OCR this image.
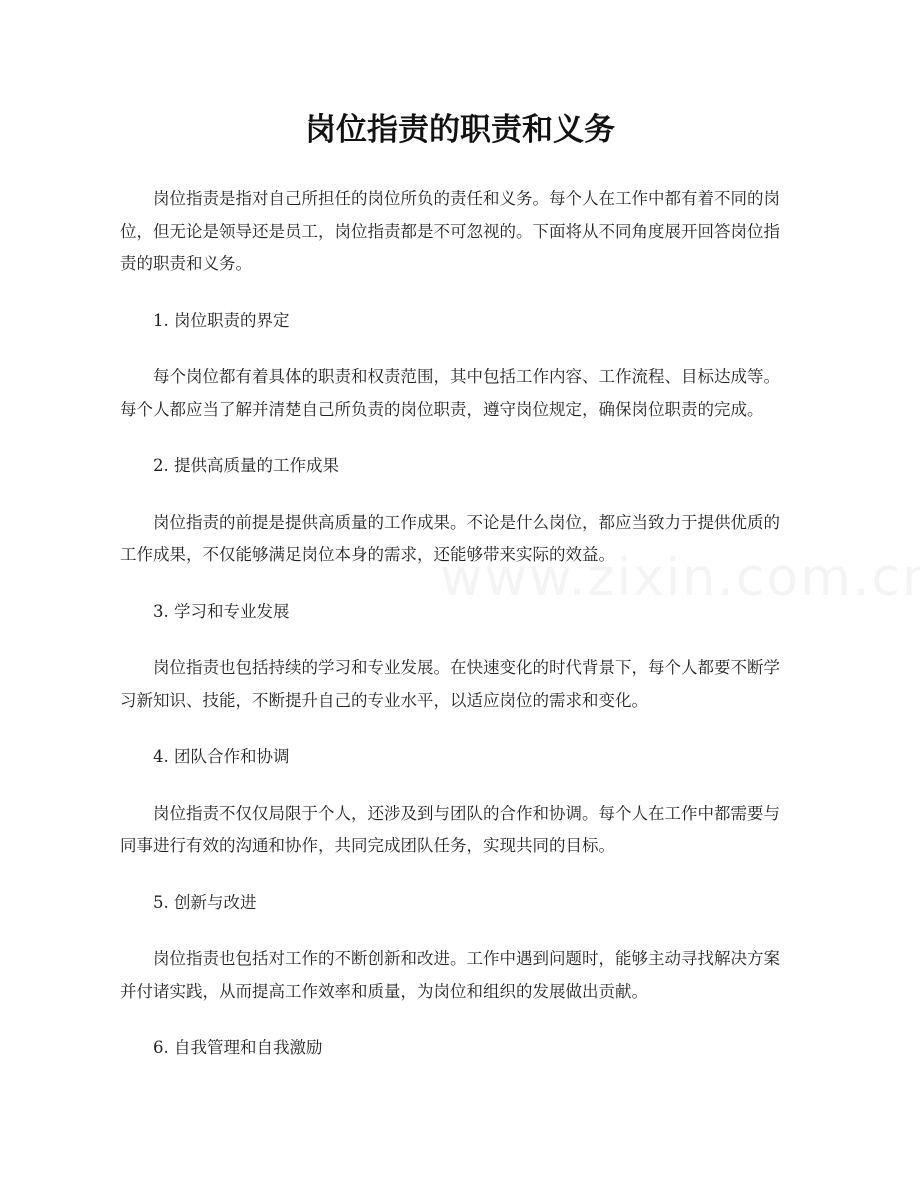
岗位指责的职责和义务

岗位指责是指对自己所担任的岗位所负的责任和义务。每个人在工作中都有着不同的岗位，但无论是领导还是员工，岗位指责都是不可忽视的。下面将从不同角度展开回答岗位指责的职责和义务。

1. 岗位职责的界定

每个岗位都有着具体的职责和权责范围，其中包括工作内容、工作流程、目标达成等。每个人都应当了解并清楚自己所负责的岗位职责，遵守岗位规定，确保岗位职责的完成。

2. 提供高质量的工作成果

岗位指责的前提是提供高质量的工作成果。不论是什么岗位，都应当致力于提供优质的工作成果，不仅能够满足岗位本身的需求，还能够带来实际的效益。

3. 学习和专业发展

岗位指责也包括持续的学习和专业发展。在快速变化的时代背景下，每个人都要不断学习新知识、技能，不断提升自己的专业水平，以适应岗位的需求和变化。

4. 团队合作和协调

岗位指责不仅仅局限于个人，还涉及到与团队的合作和协调。每个人在工作中都需要与同事进行有效的沟通和协作，共同完成团队任务，实现共同的目标。

5. 创新与改进

岗位指责也包括对工作的不断创新和改进。工作中遇到问题时，能够主动寻找解决方案并付诸实践，从而提高工作效率和质量，为岗位和组织的发展做出贡献。

6. 自我管理和自我激励
